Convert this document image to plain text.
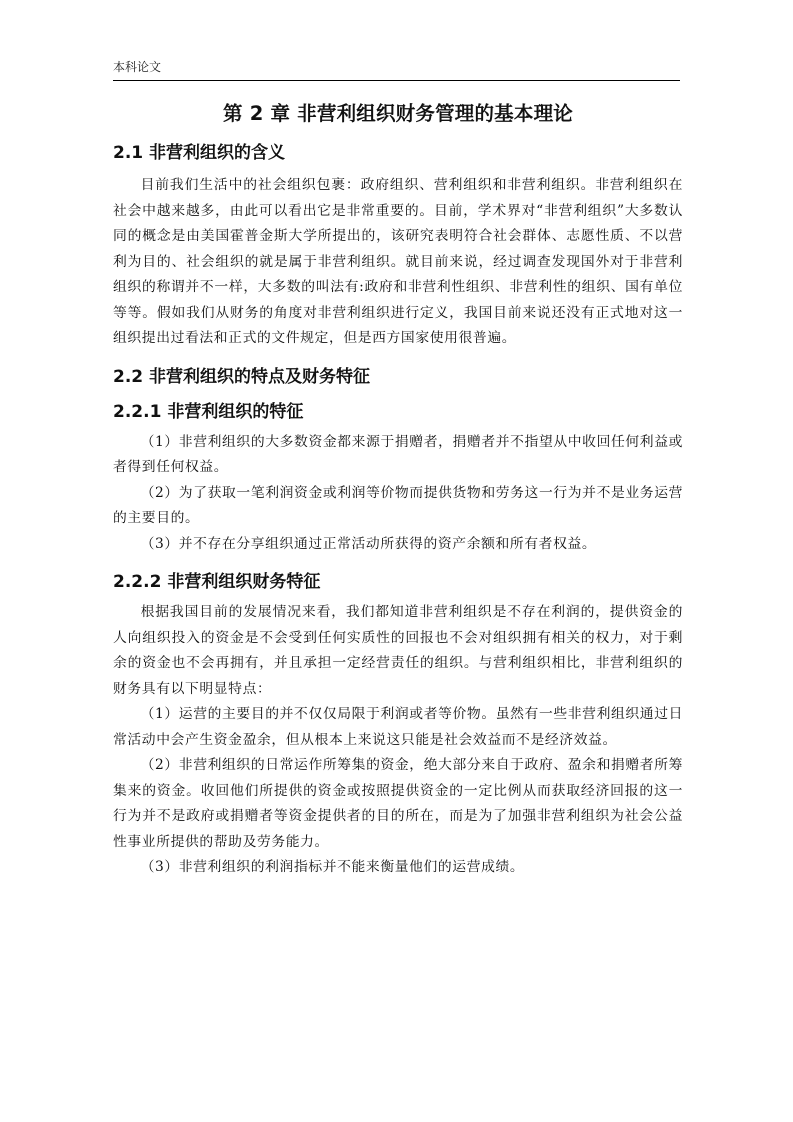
本科论文
第 2 章 非营利组织财务管理的基本理论
2.1 非营利组织的含义

目前我们生活中的社会组织包裹：政府组织、营利组织和非营利组织。非营利组织在社会中越来越多，由此可以看出它是非常重要的。目前，学术界对“非营利组织”大多数认同的概念是由美国霍普金斯大学所提出的，该研究表明符合社会群体、志愿性质、不以营利为目的、社会组织的就是属于非营利组织。就目前来说，经过调查发现国外对于非营利组织的称谓并不一样，大多数的叫法有:政府和非营利性组织、非营利性的组织、国有单位等等。假如我们从财务的角度对非营利组织进行定义，我国目前来说还没有正式地对这一组织提出过看法和正式的文件规定，但是西方国家使用很普遍。

2.2 非营利组织的特点及财务特征
2.2.1 非营利组织的特征

（1）非营利组织的大多数资金都来源于捐赠者，捐赠者并不指望从中收回任何利益或者得到任何权益。

（2）为了获取一笔利润资金或利润等价物而提供货物和劳务这一行为并不是业务运营的主要目的。

（3）并不存在分享组织通过正常活动所获得的资产余额和所有者权益。

2.2.2 非营利组织财务特征

根据我国目前的发展情况来看，我们都知道非营利组织是不存在利润的，提供资金的人向组织投入的资金是不会受到任何实质性的回报也不会对组织拥有相关的权力，对于剩余的资金也不会再拥有，并且承担一定经营责任的组织。与营利组织相比，非营利组织的财务具有以下明显特点：

（1）运营的主要目的并不仅仅局限于利润或者等价物。虽然有一些非营利组织通过日常活动中会产生资金盈余，但从根本上来说这只能是社会效益而不是经济效益。

（2）非营利组织的日常运作所筹集的资金，绝大部分来自于政府、盈余和捐赠者所筹集来的资金。收回他们所提供的资金或按照提供资金的一定比例从而获取经济回报的这一行为并不是政府或捐赠者等资金提供者的目的所在，而是为了加强非营利组织为社会公益性事业所提供的帮助及劳务能力。

（3）非营利组织的利润指标并不能来衡量他们的运营成绩。
